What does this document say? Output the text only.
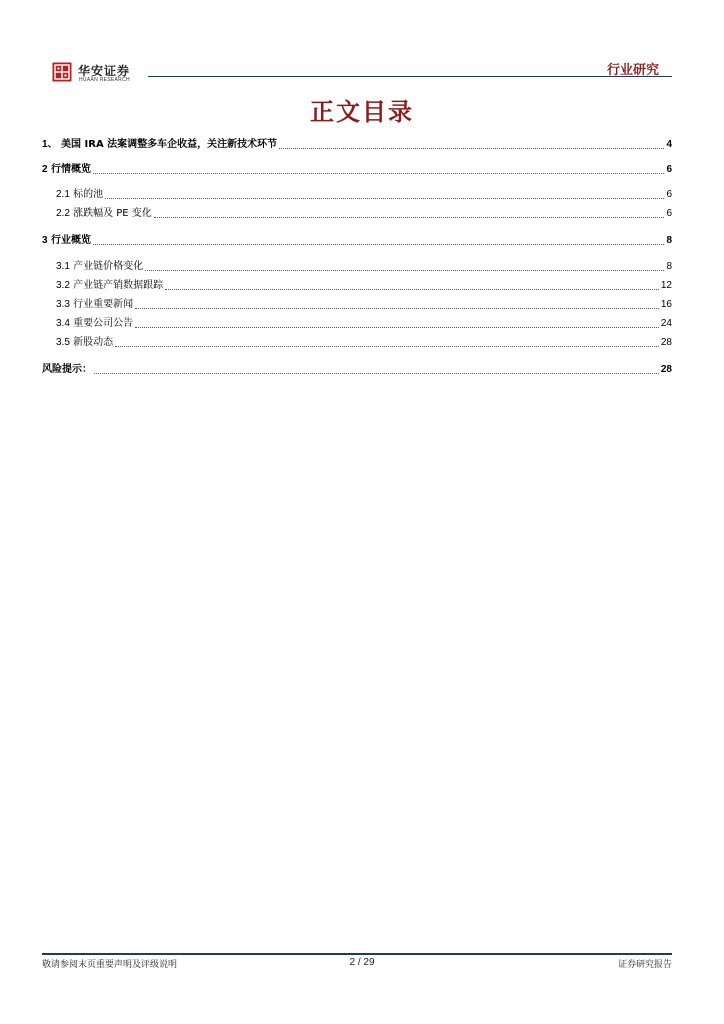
华安证券
HUAAN RESEARCH
行业研究
正文目录
1、 美国 IRA 法案调整多车企收益，关注新技术环节	4
2 行情概览	6
2.1 标的池	6
2.2 涨跌幅及 PE 变化	6
3 行业概览	8
3.1 产业链价格变化	8
3.2 产业链产销数据跟踪	12
3.3 行业重要新闻	16
3.4 重要公司公告	24
3.5 新股动态	28
风险提示：	28
敬请参阅末页重要声明及评级说明	2 / 29	证券研究报告
